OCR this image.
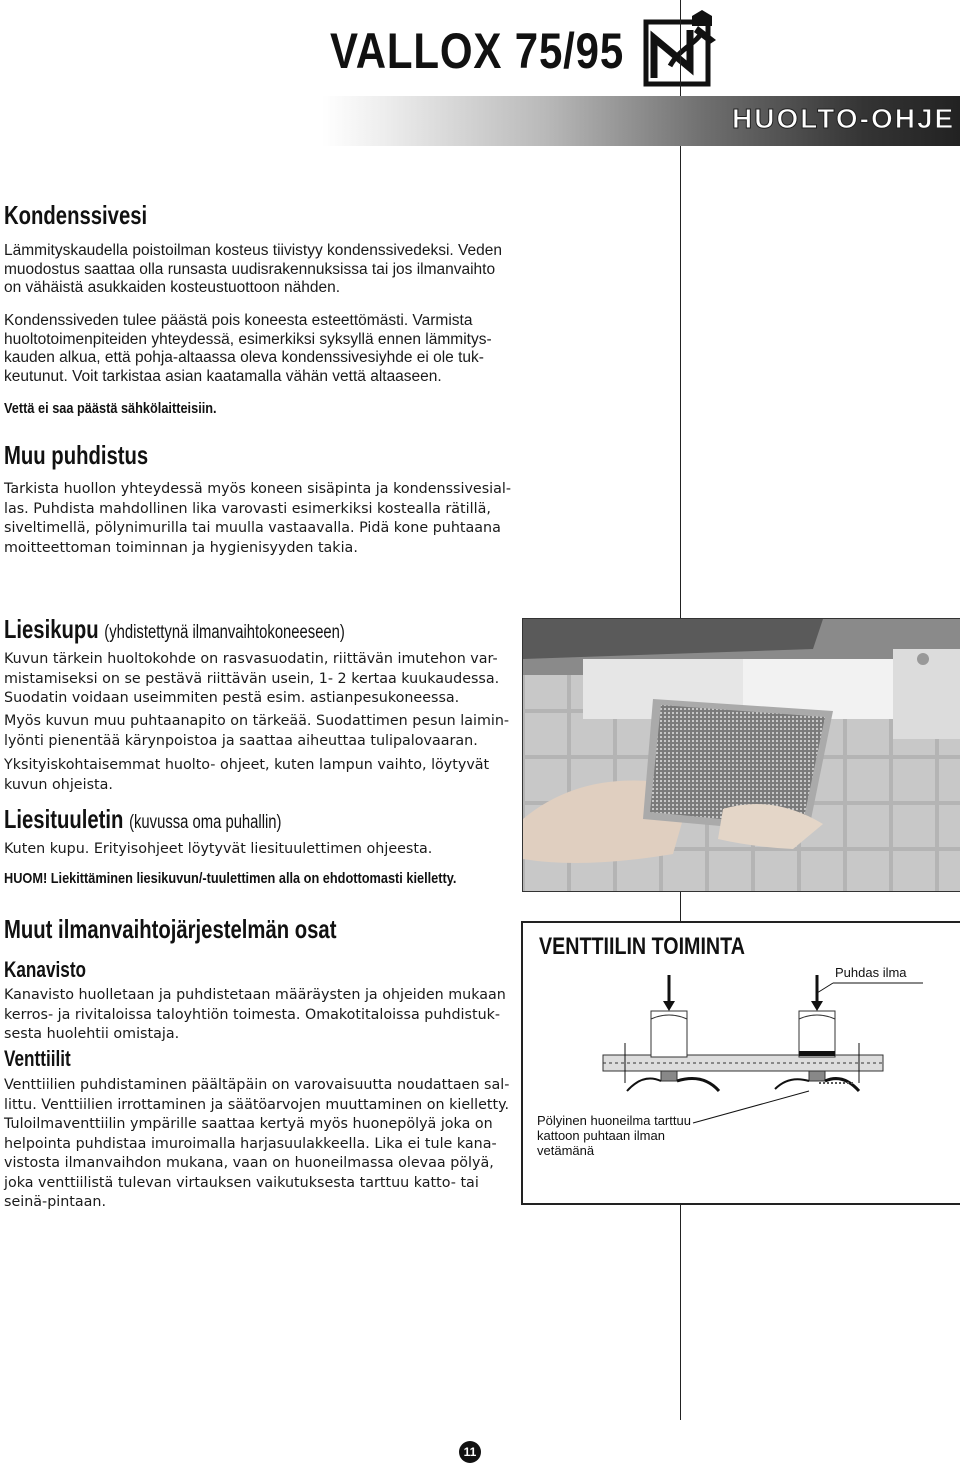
VALLOX 75/95
HUOLTO-OHJE
Kondenssivesi
Lämmityskaudella poistoilman kosteus tiivistyy kondenssivedeksi. Veden muodostus saattaa olla runsasta uudisrakennuksissa tai jos ilmanvaihto on vähäistä asukkaiden kosteustuottoon nähden.
Kondenssiveden tulee päästä pois koneesta esteettömästi. Varmista huoltotoimenpiteiden yhteydessä, esimerkiksi syksyllä ennen lämmitys-kauden alkua, että pohja-altaassa oleva kondenssivesiyhde ei ole tuk-keutunut. Voit tarkistaa asian kaatamalla vähän vettä altaaseen.
Vettä ei saa päästä sähkölaitteisiin.
Muu puhdistus
Tarkista huollon yhteydessä myös koneen sisäpinta ja kondenssivesial-las. Puhdista mahdollinen lika varovasti esimerkiksi kostealla rätillä, siveltimellä, pölynimurilla tai muulla vastaavalla. Pidä kone puhtaana moitteettoman toiminnan ja hygienisyyden takia.
Liesikupu (yhdistettynä ilmanvaihtokoneeseen)
Kuvun tärkein huoltokohde on rasvasuodatin, riittävän imutehon var-mistamiseksi on se pestävä riittävän usein, 1- 2 kertaa kuukaudessa. Suodatin voidaan useimmiten pestä esim. astianpesukoneessa.
Myös kuvun muu puhtaanapito on tärkeää. Suodattimen pesun laimin-lyönti pienentää kärynpoistoa ja saattaa aiheuttaa tulipalovaaran.
Yksityiskohtaisemmat huolto- ohjeet, kuten lampun vaihto, löytyvät kuvun ohjeista.
Liesituuletin (kuvussa oma puhallin)
Kuten kupu. Erityisohjeet löytyvät liesituulettimen ohjeesta.
HUOM! Liekittäminen liesikuvun/-tuulettimen alla on ehdottomasti kielletty.
Muut ilmanvaihtojärjestelmän osat
Kanavisto
Kanavisto huolletaan ja puhdistetaan määräysten ja ohjeiden mukaan kerros- ja rivitaloissa taloyhtiön toimesta. Omakotitaloissa puhdistuk-sesta huolehtii omistaja.
Venttiilit
Venttiilien puhdistaminen päältäpäin on varovaisuutta noudattaen sal-littu. Venttiilien irrottaminen ja säätöarvojen muuttaminen on kielletty. Tuloilmaventtiilin ympärille saattaa kertyä myös huonepölyä joka on helpointa puhdistaa imuroimalla harjasuulakkeella. Lika ei tule kana-vistosta ilmanvaihdon mukana, vaan on huoneilmassa olevaa pölyä, joka venttiilistä tulevan virtauksen vaikutuksesta tarttuu katto- tai seinä-pintaan.
VENTTIILIN TOIMINTA
Puhdas ilma
Pölyinen huoneilma tarttuu kattoon puhtaan ilman vetämänä
11
